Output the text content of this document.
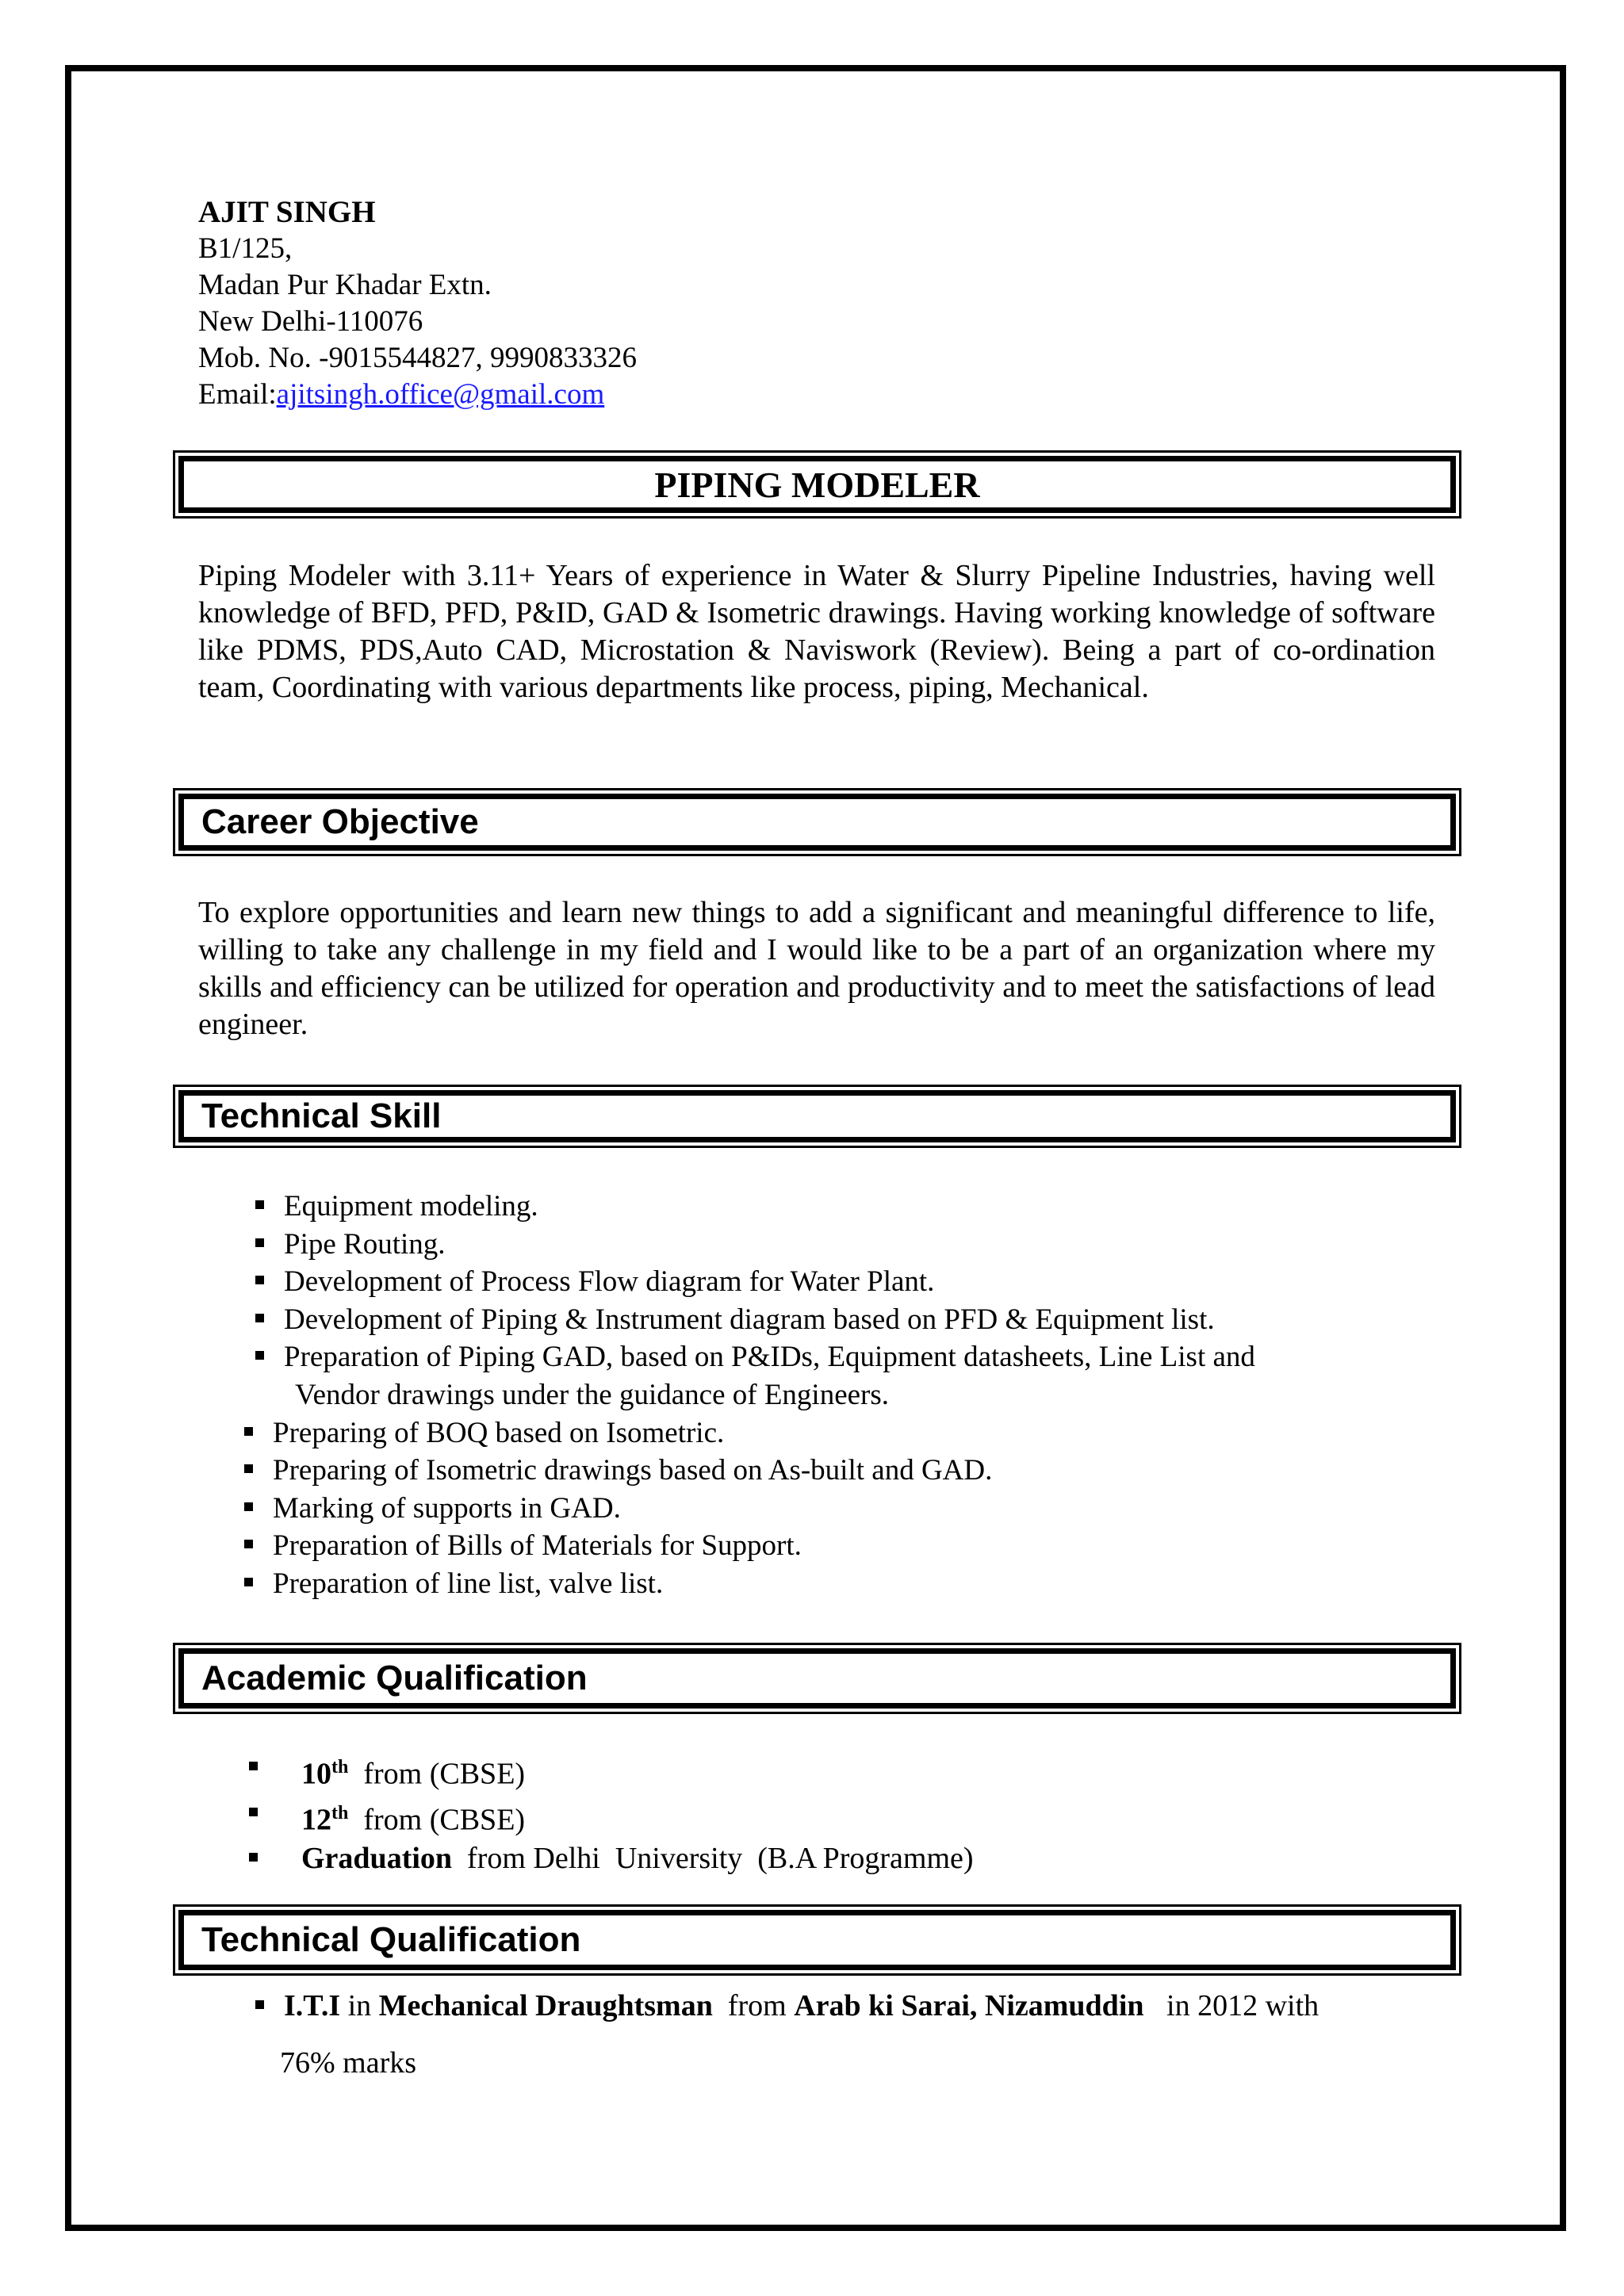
AJIT SINGH
B1/125,
Madan Pur Khadar Extn.
New Delhi-110076
Mob. No. -9015544827, 9990833326
Email:ajitsingh.office@gmail.com
PIPING MODELER
Piping Modeler with 3.11+ Years of experience in Water & Slurry Pipeline Industries, having well knowledge of BFD, PFD, P&ID, GAD & Isometric drawings. Having working knowledge of software like PDMS, PDS,Auto CAD, Microstation & Naviswork (Review). Being a part of co-ordination team, Coordinating with various departments like process, piping, Mechanical.
Career Objective
To explore opportunities and learn new things to add a significant and meaningful difference to life, willing to take any challenge in my field and I would like to be a part of an organization where my skills and efficiency can be utilized for operation and productivity and to meet the satisfactions of lead engineer.
Technical Skill
Equipment modeling.
Pipe Routing.
Development of Process Flow diagram for Water Plant.
Development of Piping & Instrument diagram based on PFD & Equipment list.
Preparation of Piping GAD, based on P&IDs, Equipment datasheets, Line List and
Vendor drawings under the guidance of Engineers.
Preparing of BOQ based on Isometric.
Preparing of Isometric drawings based on As-built and GAD.
Marking of supports in GAD.
Preparation of Bills of Materials for Support.
Preparation of line list, valve list.
Academic Qualification
10th  from (CBSE)
12th  from (CBSE)
Graduation  from Delhi  University  (B.A Programme)
Technical Qualification
I.T.I in Mechanical Draughtsman  from Arab ki Sarai, Nizamuddin   in 2012 with
76% marks
